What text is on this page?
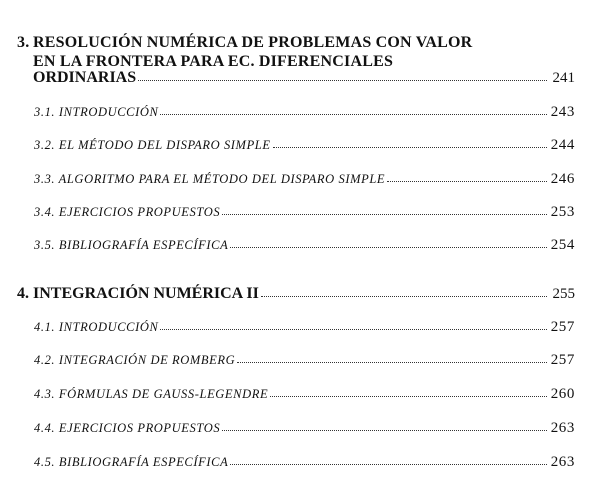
3. RESOLUCIÓN NUMÉRICA DE PROBLEMAS CON VALOR
EN LA FRONTERA PARA EC. DIFERENCIALES
ORDINARIAS	241
3.1. INTRODUCCIÓN	243
3.2. EL MÉTODO DEL DISPARO SIMPLE	244
3.3. ALGORITMO PARA EL MÉTODO DEL DISPARO SIMPLE	246
3.4. EJERCICIOS PROPUESTOS	253
3.5. BIBLIOGRAFÍA ESPECÍFICA	254
4. INTEGRACIÓN NUMÉRICA II	255
4.1. INTRODUCCIÓN	257
4.2. INTEGRACIÓN DE ROMBERG	257
4.3. FÓRMULAS DE GAUSS-LEGENDRE	260
4.4. EJERCICIOS PROPUESTOS	263
4.5. BIBLIOGRAFÍA ESPECÍFICA	263
